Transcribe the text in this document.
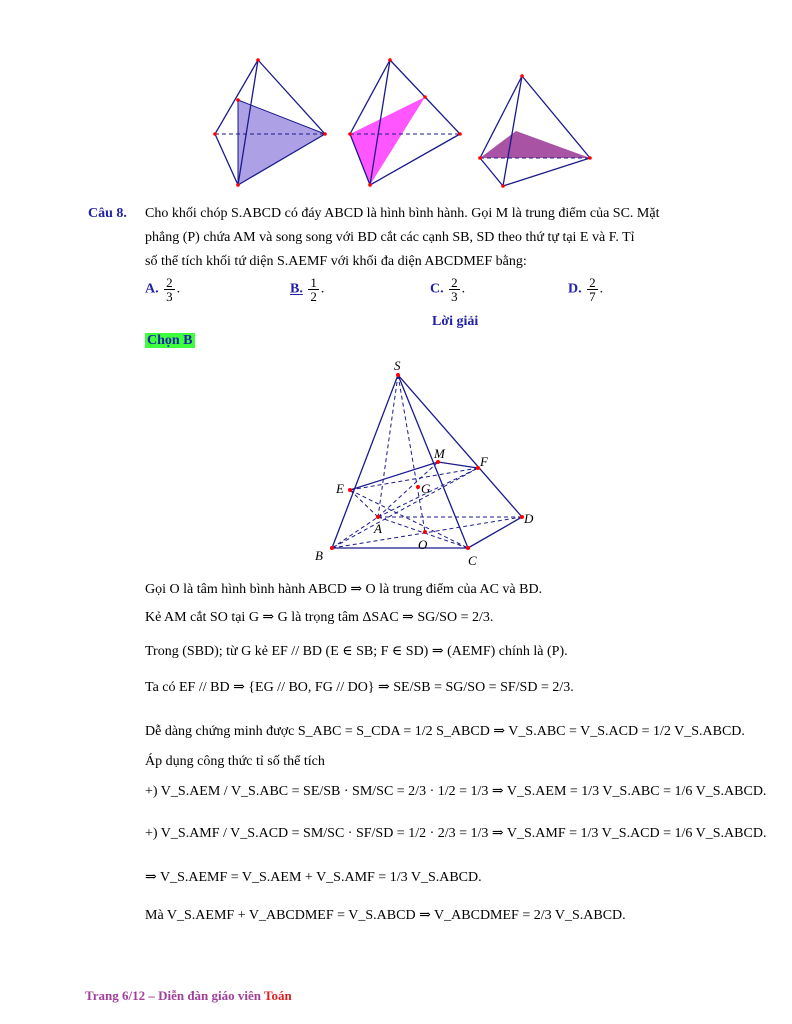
Câu 8. Cho khối chóp S.ABCD có đáy ABCD là hình bình hành. Gọi M là trung điểm của SC. Mặt
phẳng (P) chứa AM và song song với BD cắt các cạnh SB, SD theo thứ tự tại E và F. Tỉ
số thể tích khối tứ diện S.AEMF với khối đa diện ABCDMEF bằng:
A. $\frac{2}{3}$ .	B. $\frac{1}{2}$ .	C. $\frac{2}{3}$ .	D. $\frac{2}{7}$ .
Lời giải
Chọn B
S
M
F
E	G
D
A
O
B	C
Gọi O là tâm hình bình hành ABCD ⇒ O là trung điểm của AC và BD.
Kẻ AM cắt SO tại G ⇒ G là trọng tâm ΔSAC ⇒ SG/SO = 2/3.
Trong (SBD); từ G kẻ EF // BD (E ∈ SB; F ∈ SD) ⇒ (AEMF) chính là (P).
Ta có EF // BD ⇒ {EG // BO, FG // DO} ⇒ SE/SB = SG/SO = SF/SD = 2/3.
Dễ dàng chứng minh được S_ABC = S_CDA = 1/2 S_ABCD ⇒ V_S.ABC = V_S.ACD = 1/2 V_S.ABCD.
Áp dụng công thức tỉ số thể tích
+) V_S.AEM / V_S.ABC = SE/SB · SM/SC = 2/3 · 1/2 = 1/3 ⇒ V_S.AEM = 1/3 V_S.ABC = 1/6 V_S.ABCD.
+) V_S.AMF / V_S.ACD = SM/SC · SF/SD = 1/2 · 2/3 = 1/3 ⇒ V_S.AMF = 1/3 V_S.ACD = 1/6 V_S.ABCD.
⇒ V_S.AEMF = V_S.AEM + V_S.AMF = 1/3 V_S.ABCD.
Mà V_S.AEMF + V_ABCDMEF = V_S.ABCD ⇒ V_ABCDMEF = 2/3 V_S.ABCD.
Trang 6/12 – Diễn đàn giáo viên Toán
